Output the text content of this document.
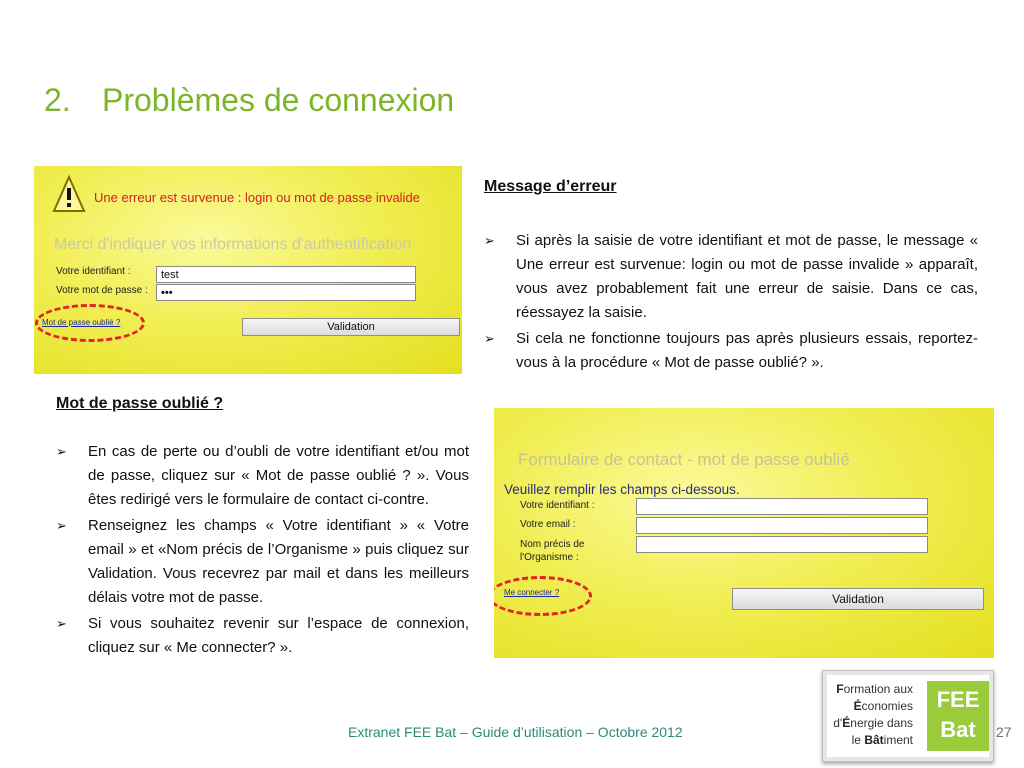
2. Problèmes de connexion
Une erreur est survenue : login ou mot de passe invalide
Merci d'indiquer vos informations d'authentification
Votre identifiant :	test
Votre mot de passe :	•••
Mot de passe oublié ?	Validation
Message d’erreur
➢ Si après la saisie de votre identifiant et mot de passe, le message « Une erreur est survenue: login ou mot de passe invalide » apparaît, vous avez probablement fait une erreur de saisie. Dans ce cas, réessayez la saisie.
➢ Si cela ne fonctionne toujours pas après plusieurs essais, reportez-vous à la procédure « Mot de passe oublié? ».
Mot de passe oublié ?
➢ En cas de perte ou d’oubli de votre identifiant et/ou mot de passe, cliquez sur « Mot de passe oublié ? ». Vous êtes redirigé vers le formulaire de contact ci-contre.
➢ Renseignez les champs « Votre identifiant » « Votre email » et «Nom précis de l’Organisme » puis cliquez sur Validation. Vous recevrez par mail et dans les meilleurs délais votre mot de passe.
➢ Si vous souhaitez revenir sur l’espace de connexion, cliquez sur « Me connecter? ».
Formulaire de contact - mot de passe oublié
Veuillez remplir les champs ci-dessous.
Votre identifiant :
Votre email :
Nom précis de
l'Organisme :
Me connecter ?	Validation
Extranet FEE Bat – Guide d’utilisation – Octobre 2012	27
Formation aux
Économies
d'Énergie dans
le Bâtiment
FEE
Bat
